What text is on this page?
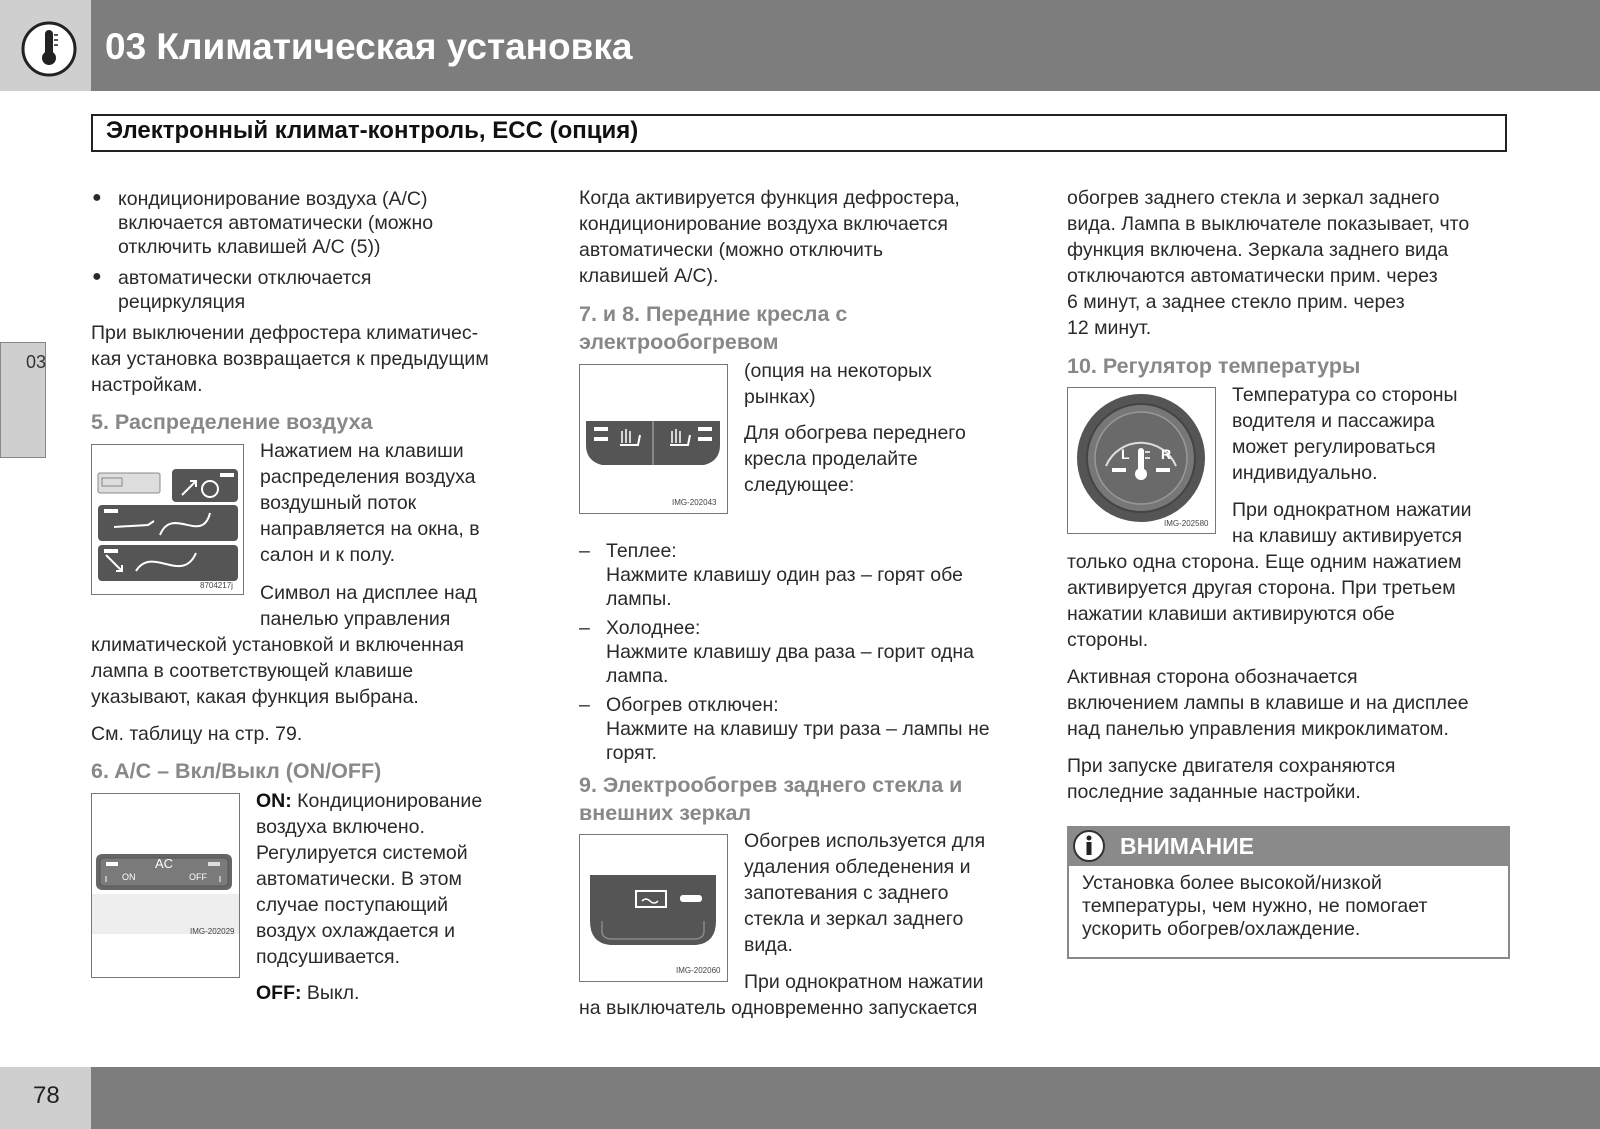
03 Климатическая установка
Электронный климат-контроль, ECC (опция)
03
● кондиционирование воздуха (A/C)
включается автоматически (можно
отключить клавишей A/C (5))
● автоматически отключается
рециркуляция
При выключении дефростера климатичес-
кая установка возвращается к предыдущим
настройкам.
5. Распределение воздуха
8704217j
Нажатием на клавиши
распределения воздуха
воздушный поток
направляется на окна, в
салон и к полу.
Символ на дисплее над
панелью управления
климатической установкой и включенная
лампа в соответствующей клавише
указывают, какая функция выбрана.
См. таблицу на стр. 79.
6. A/C – Вкл/Выкл (ON/OFF)
AC
ON	OFF
IMG-202029
ON: Кондиционирование
воздуха включено.
Регулируется системой
автоматически. В этом
случае поступающий
воздух охлаждается и
подсушивается.
OFF: Выкл.
Когда активируется функция дефростера,
кондиционирование воздуха включается
автоматически (можно отключить
клавишей A/C).
7. и 8. Передние кресла с
электрообогревом
IMG-202043
(опция на некоторых
рынках)
Для обогрева переднего
кресла проделайте
следующее:
– Теплее:
Нажмите клавишу один раз – горят обе
лампы.
– Холоднее:
Нажмите клавишу два раза – горит одна
лампа.
– Обогрев отключен:
Нажмите на клавишу три раза – лампы не
горят.
9. Электрообогрев заднего стекла и
внешних зеркал
IMG-202060
Обогрев используется для
удаления обледенения и
запотевания с заднего
стекла и зеркал заднего
вида.
При однократном нажатии
на выключатель одновременно запускается
обогрев заднего стекла и зеркал заднего
вида. Лампа в выключателе показывает, что
функция включена. Зеркала заднего вида
отключаются автоматически прим. через
6 минут, а заднее стекло прим. через
12 минут.
10. Регулятор температуры
L R
IMG-202580
Температура со стороны
водителя и пассажира
может регулироваться
индивидуально.
При однократном нажатии
на клавишу активируется
только одна сторона. Еще одним нажатием
активируется другая сторона. При третьем
нажатии клавиши активируются обе
стороны.
Активная сторона обозначается
включением лампы в клавише и на дисплее
над панелью управления микроклиматом.
При запуске двигателя сохраняются
последние заданные настройки.
ВНИМАНИЕ
Установка более высокой/низкой
температуры, чем нужно, не помогает
ускорить обогрев/охлаждение.
78
